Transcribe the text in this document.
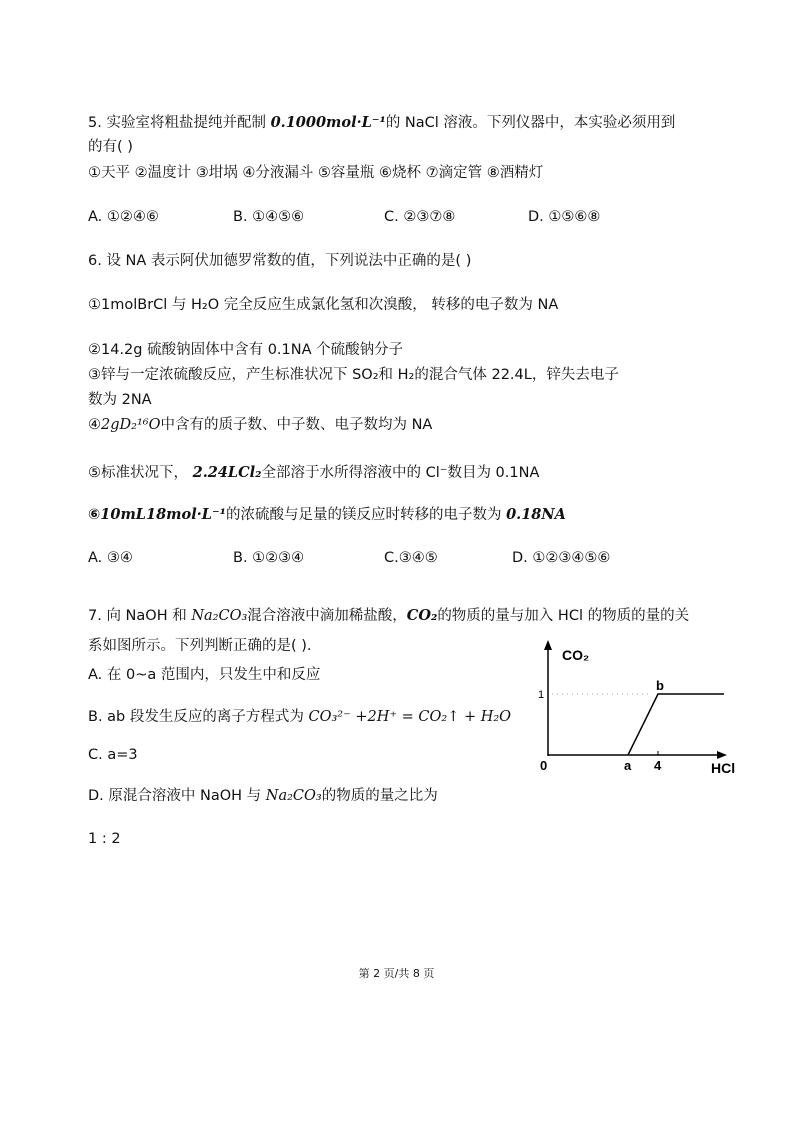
5. 实验室将粗盐提纯并配制 0.1000mol·L⁻¹的 NaCl 溶液。下列仪器中，本实验必须用到
的有( )
①天平 ②温度计 ③坩埚 ④分液漏斗 ⑤容量瓶 ⑥烧杯 ⑦滴定管 ⑧酒精灯
A. ①②④⑥	B. ①④⑤⑥	C. ②③⑦⑧	D. ①⑤⑥⑧
6. 设 NA 表示阿伏加德罗常数的值，下列说法中正确的是( )
①1molBrCl 与 H₂O 完全反应生成氯化氢和次溴酸， 转移的电子数为 NA
②14.2g 硫酸钠固体中含有 0.1NA 个硫酸钠分子
③锌与一定浓硫酸反应，产生标准状况下 SO₂和 H₂的混合气体 22.4L，锌失去电子
数为 2NA
④2gD₂¹⁶O中含有的质子数、中子数、电子数均为 NA
⑤标准状况下， 2.24LCl₂全部溶于水所得溶液中的 Cl⁻数目为 0.1NA
⑥10mL18mol·L⁻¹的浓硫酸与足量的镁反应时转移的电子数为 0.18NA
A. ③④	B. ①②③④	C.③④⑤	D. ①②③④⑤⑥
7. 向 NaOH 和 Na₂CO₃混合溶液中滴加稀盐酸，CO₂的物质的量与加入 HCl 的物质的量的关
系如图所示。下列判断正确的是( ).
A. 在 0~a 范围内，只发生中和反应
B. ab 段发生反应的离子方程式为 CO₃²⁻ +2H⁺ = CO₂↑ + H₂O
C. a=3
D. 原混合溶液中 NaOH 与 Na₂CO₃的物质的量之比为
1 : 2
CO₂
HCl
0	a
b
4
1
第 2 页/共 8 页
